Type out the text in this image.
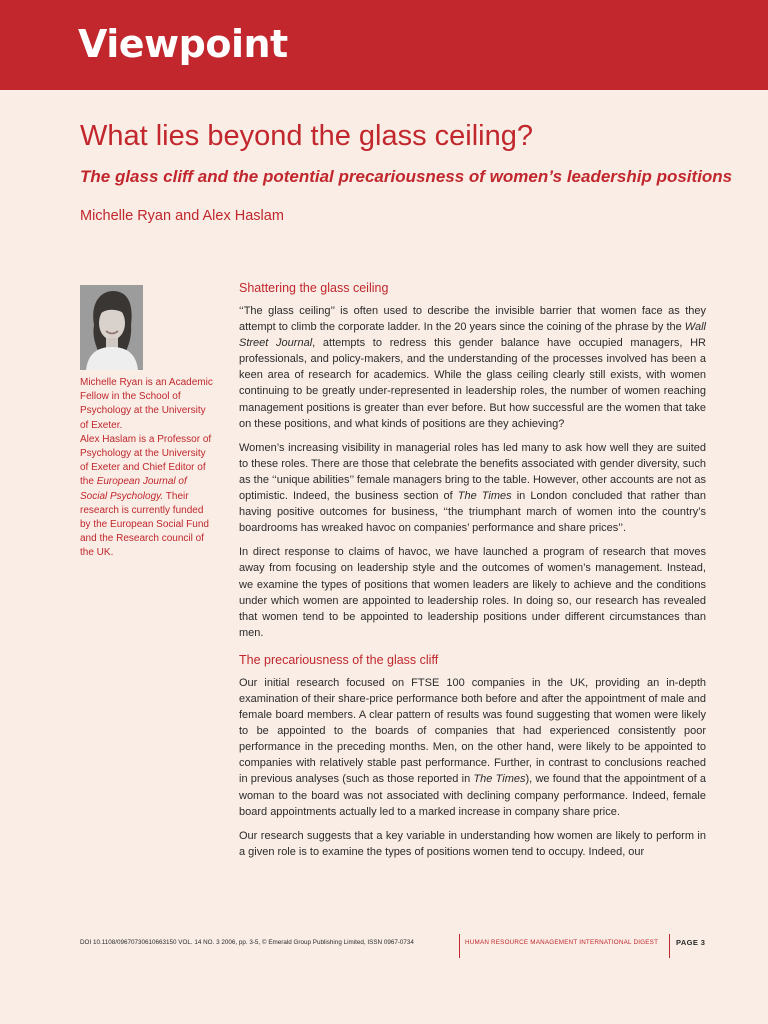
Viewpoint
What lies beyond the glass ceiling?
The glass cliff and the potential precariousness of women’s leadership positions

Michelle Ryan and Alex Haslam

Michelle Ryan is an Academic Fellow in the School of Psychology at the University of Exeter.

Alex Haslam is a Professor of Psychology at the University of Exeter and Chief Editor of the European Journal of Social Psychology. Their research is currently funded by the European Social Fund and the Research council of the UK.

Shattering the glass ceiling

‘‘The glass ceiling’’ is often used to describe the invisible barrier that women face as they attempt to climb the corporate ladder. In the 20 years since the coining of the phrase by the Wall Street Journal, attempts to redress this gender balance have occupied managers, HR professionals, and policy-makers, and the understanding of the processes involved has been a keen area of research for academics. While the glass ceiling clearly still exists, with women continuing to be greatly under-represented in leadership roles, the number of women reaching management positions is greater than ever before. But how successful are the women that take on these positions, and what kinds of positions are they achieving?

Women’s increasing visibility in managerial roles has led many to ask how well they are suited to these roles. There are those that celebrate the benefits associated with gender diversity, such as the ‘‘unique abilities’’ female managers bring to the table. However, other accounts are not as optimistic. Indeed, the business section of The Times in London concluded that rather than having positive outcomes for business, ‘‘the triumphant march of women into the country’s boardrooms has wreaked havoc on companies’ performance and share prices’’.

In direct response to claims of havoc, we have launched a program of research that moves away from focusing on leadership style and the outcomes of women’s management. Instead, we examine the types of positions that women leaders are likely to achieve and the conditions under which women are appointed to leadership roles. In doing so, our research has revealed that women tend to be appointed to leadership positions under different circumstances than men.

The precariousness of the glass cliff

Our initial research focused on FTSE 100 companies in the UK, providing an in-depth examination of their share-price performance both before and after the appointment of male and female board members. A clear pattern of results was found suggesting that women were likely to be appointed to the boards of companies that had experienced consistently poor performance in the preceding months. Men, on the other hand, were likely to be appointed to companies with relatively stable past performance. Further, in contrast to conclusions reached in previous analyses (such as those reported in The Times), we found that the appointment of a woman to the board was not associated with declining company performance. Indeed, female board appointments actually led to a marked increase in company share price.

Our research suggests that a key variable in understanding how women are likely to perform in a given role is to examine the types of positions women tend to occupy. Indeed, our

DOI 10.1108/09670730610663150 VOL. 14 NO. 3 2006, pp. 3-5, © Emerald Group Publishing Limited, ISSN 0967-0734	HUMAN RESOURCE MANAGEMENT INTERNATIONAL DIGEST PAGE 3
